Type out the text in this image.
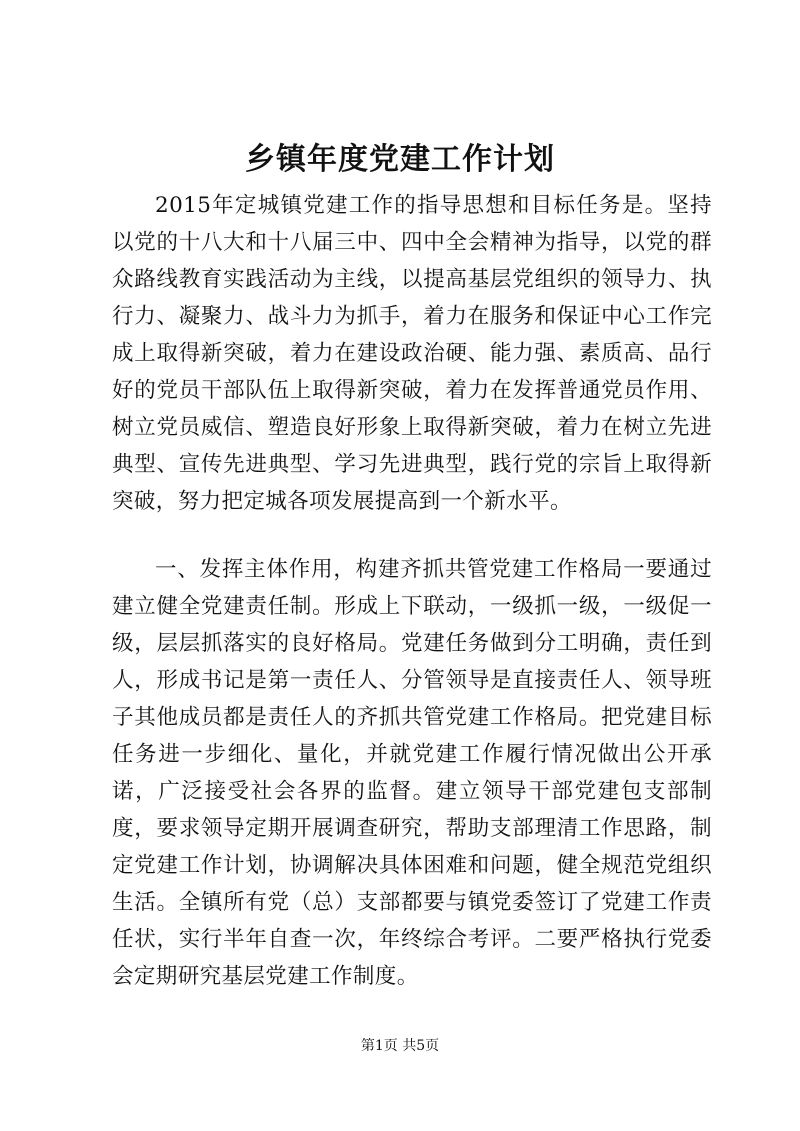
乡镇年度党建工作计划

2015年定城镇党建工作的指导思想和目标任务是。坚持以党的十八大和十八届三中、四中全会精神为指导，以党的群众路线教育实践活动为主线，以提高基层党组织的领导力、执行力、凝聚力、战斗力为抓手，着力在服务和保证中心工作完成上取得新突破，着力在建设政治硬、能力强、素质高、品行好的党员干部队伍上取得新突破，着力在发挥普通党员作用、树立党员威信、塑造良好形象上取得新突破，着力在树立先进典型、宣传先进典型、学习先进典型，践行党的宗旨上取得新突破，努力把定城各项发展提高到一个新水平。

一、发挥主体作用，构建齐抓共管党建工作格局一要通过建立健全党建责任制。形成上下联动，一级抓一级，一级促一级，层层抓落实的良好格局。党建任务做到分工明确，责任到人，形成书记是第一责任人、分管领导是直接责任人、领导班子其他成员都是责任人的齐抓共管党建工作格局。把党建目标任务进一步细化、量化，并就党建工作履行情况做出公开承诺，广泛接受社会各界的监督。建立领导干部党建包支部制度，要求领导定期开展调查研究，帮助支部理清工作思路，制定党建工作计划，协调解决具体困难和问题，健全规范党组织生活。全镇所有党（总）支部都要与镇党委签订了党建工作责任状，实行半年自查一次，年终综合考评。二要严格执行党委会定期研究基层党建工作制度。

第1页 共5页
